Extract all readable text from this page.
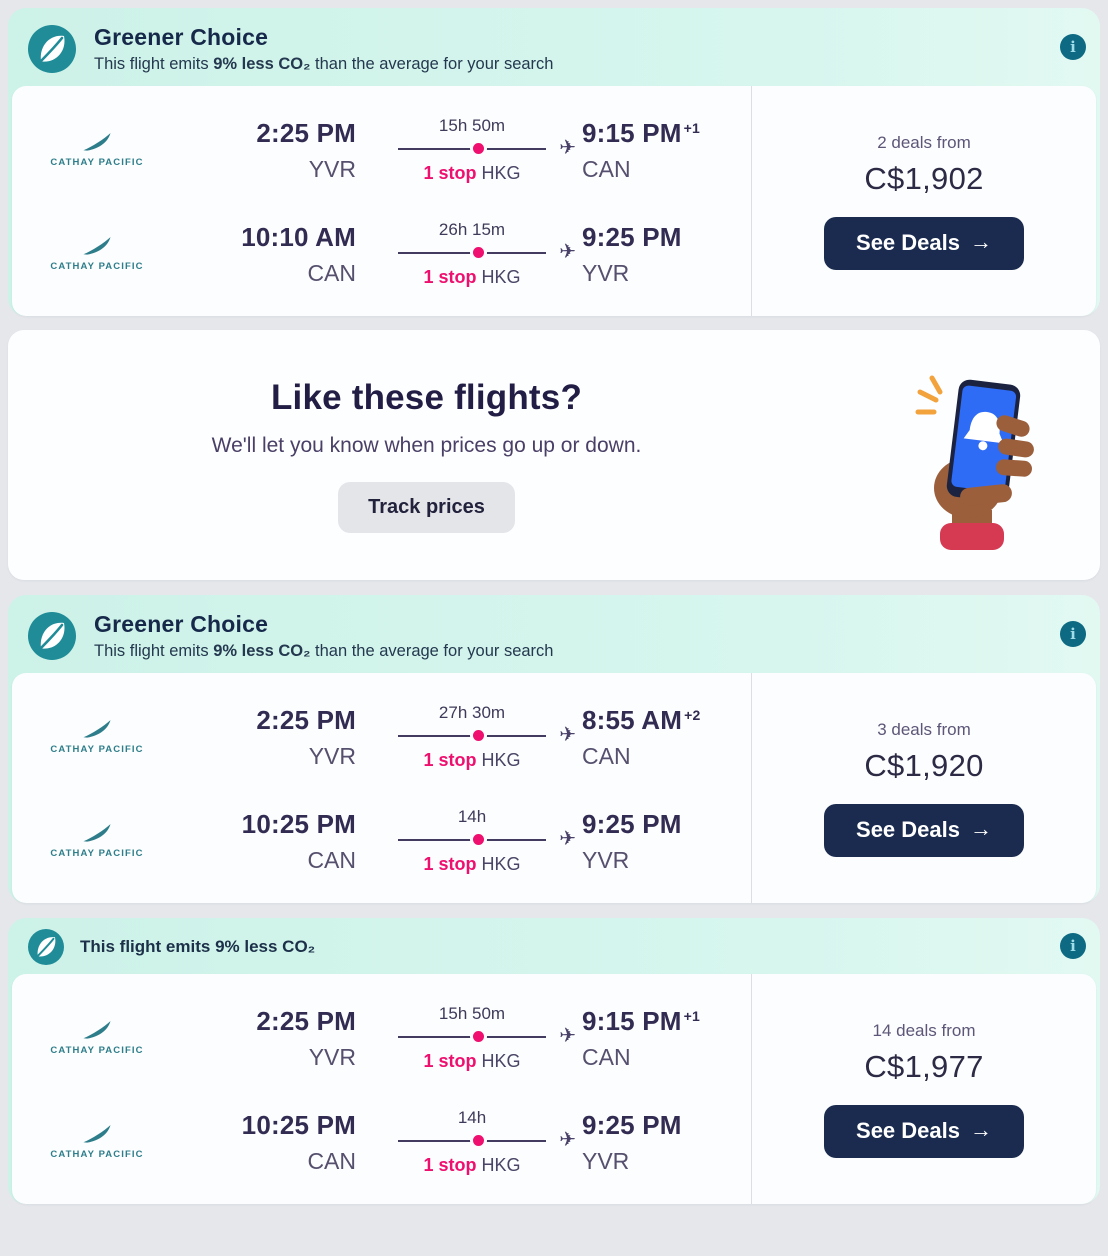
Greener Choice
This flight emits 9% less CO₂ than the average for your search
i
CATHAY PACIFIC
2:25 PM
YVR
15h 50m
✈
1 stop HKG
9:15 PM $^{+1}$
CAN
CATHAY PACIFIC
10:10 AM
CAN
26h 15m
✈
1 stop HKG
9:25 PM
YVR
2 deals from
C$1,902
See Deals →
Like these flights?

We'll let you know when prices go up or down.

Track prices
Greener Choice
This flight emits 9% less CO₂ than the average for your search
i
CATHAY PACIFIC
2:25 PM
YVR
27h 30m
✈
1 stop HKG
8:55 AM $^{+2}$
CAN
CATHAY PACIFIC
10:25 PM
CAN
14h
✈
1 stop HKG
9:25 PM
YVR
3 deals from
C$1,920
See Deals →
This flight emits 9% less CO₂	i
CATHAY PACIFIC
2:25 PM
YVR
15h 50m
✈
1 stop HKG
9:15 PM $^{+1}$
CAN
CATHAY PACIFIC
10:25 PM
CAN
14h
✈
1 stop HKG
9:25 PM
YVR
14 deals from
C$1,977
See Deals →
